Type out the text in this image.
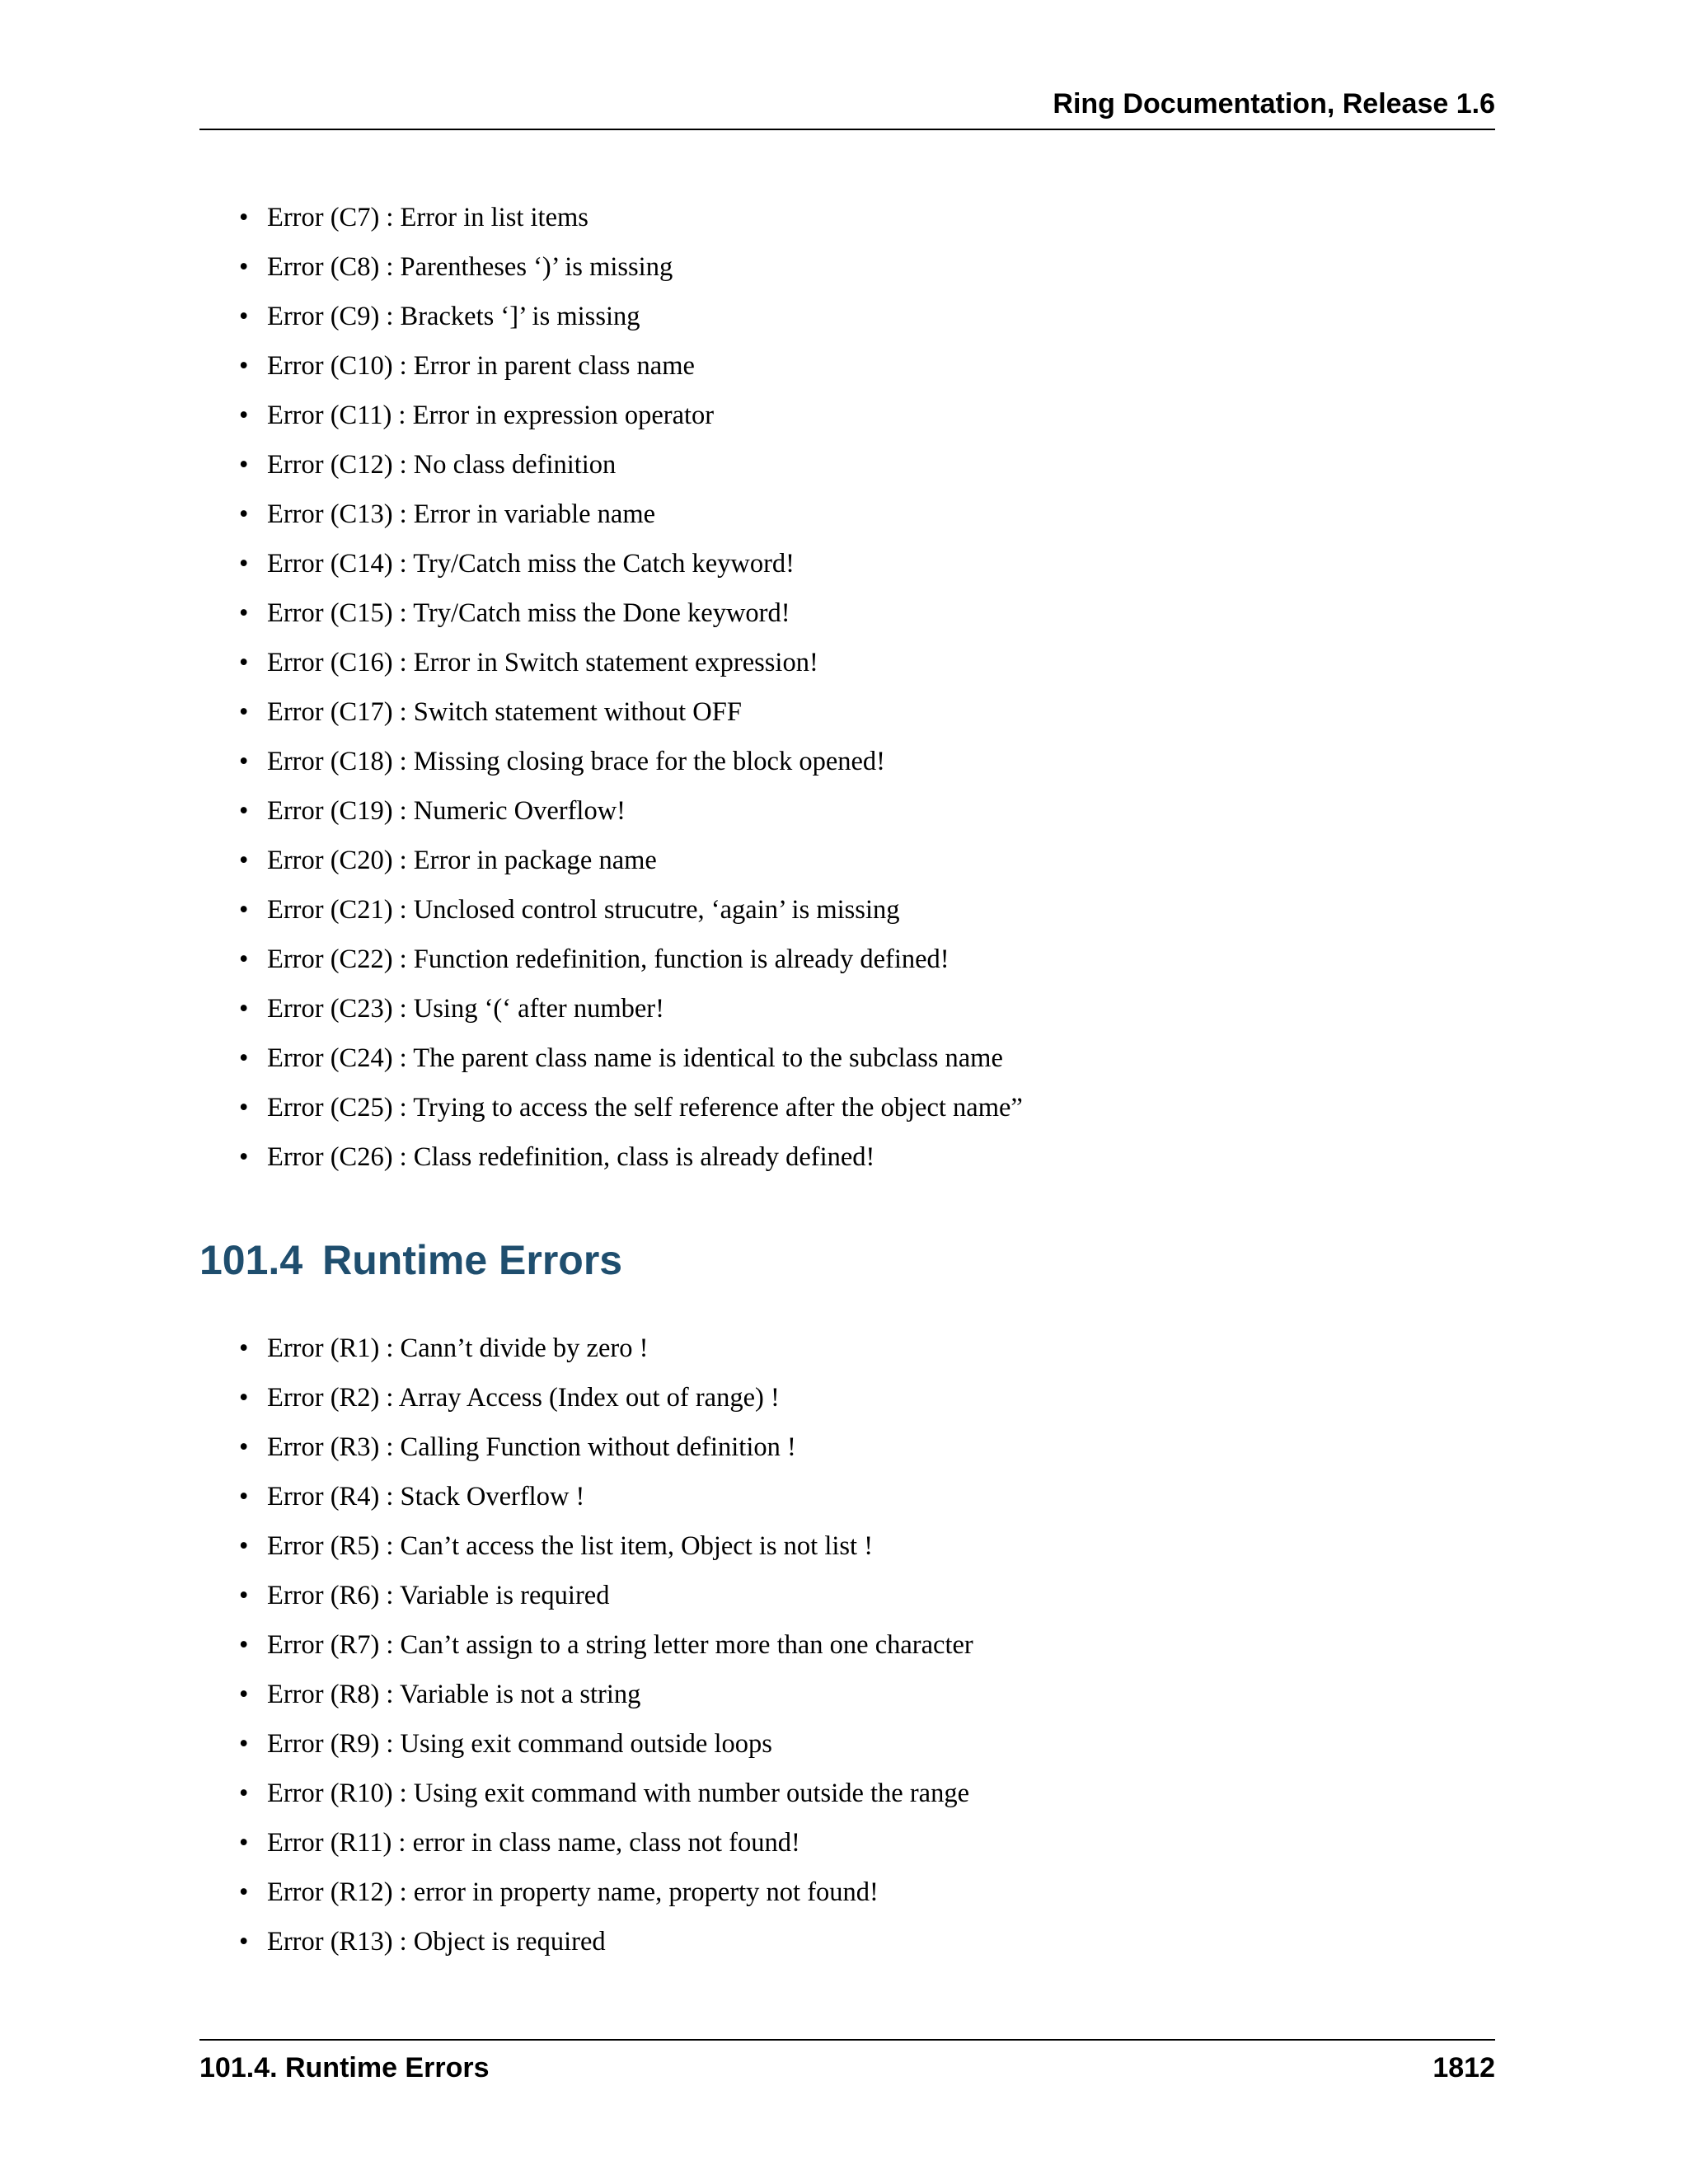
Ring Documentation, Release 1.6
• Error (C7) : Error in list items
• Error (C8) : Parentheses ‘)’ is missing
• Error (C9) : Brackets ‘]’ is missing
• Error (C10) : Error in parent class name
• Error (C11) : Error in expression operator
• Error (C12) : No class definition
• Error (C13) : Error in variable name
• Error (C14) : Try/Catch miss the Catch keyword!
• Error (C15) : Try/Catch miss the Done keyword!
• Error (C16) : Error in Switch statement expression!
• Error (C17) : Switch statement without OFF
• Error (C18) : Missing closing brace for the block opened!
• Error (C19) : Numeric Overflow!
• Error (C20) : Error in package name
• Error (C21) : Unclosed control strucutre, ‘again’ is missing
• Error (C22) : Function redefinition, function is already defined!
• Error (C23) : Using ‘(‘ after number!
• Error (C24) : The parent class name is identical to the subclass name
• Error (C25) : Trying to access the self reference after the object name”
• Error (C26) : Class redefinition, class is already defined!
101.4 Runtime Errors
• Error (R1) : Cann’t divide by zero !
• Error (R2) : Array Access (Index out of range) !
• Error (R3) : Calling Function without definition !
• Error (R4) : Stack Overflow !
• Error (R5) : Can’t access the list item, Object is not list !
• Error (R6) : Variable is required
• Error (R7) : Can’t assign to a string letter more than one character
• Error (R8) : Variable is not a string
• Error (R9) : Using exit command outside loops
• Error (R10) : Using exit command with number outside the range
• Error (R11) : error in class name, class not found!
• Error (R12) : error in property name, property not found!
• Error (R13) : Object is required
101.4. Runtime Errors	1812
